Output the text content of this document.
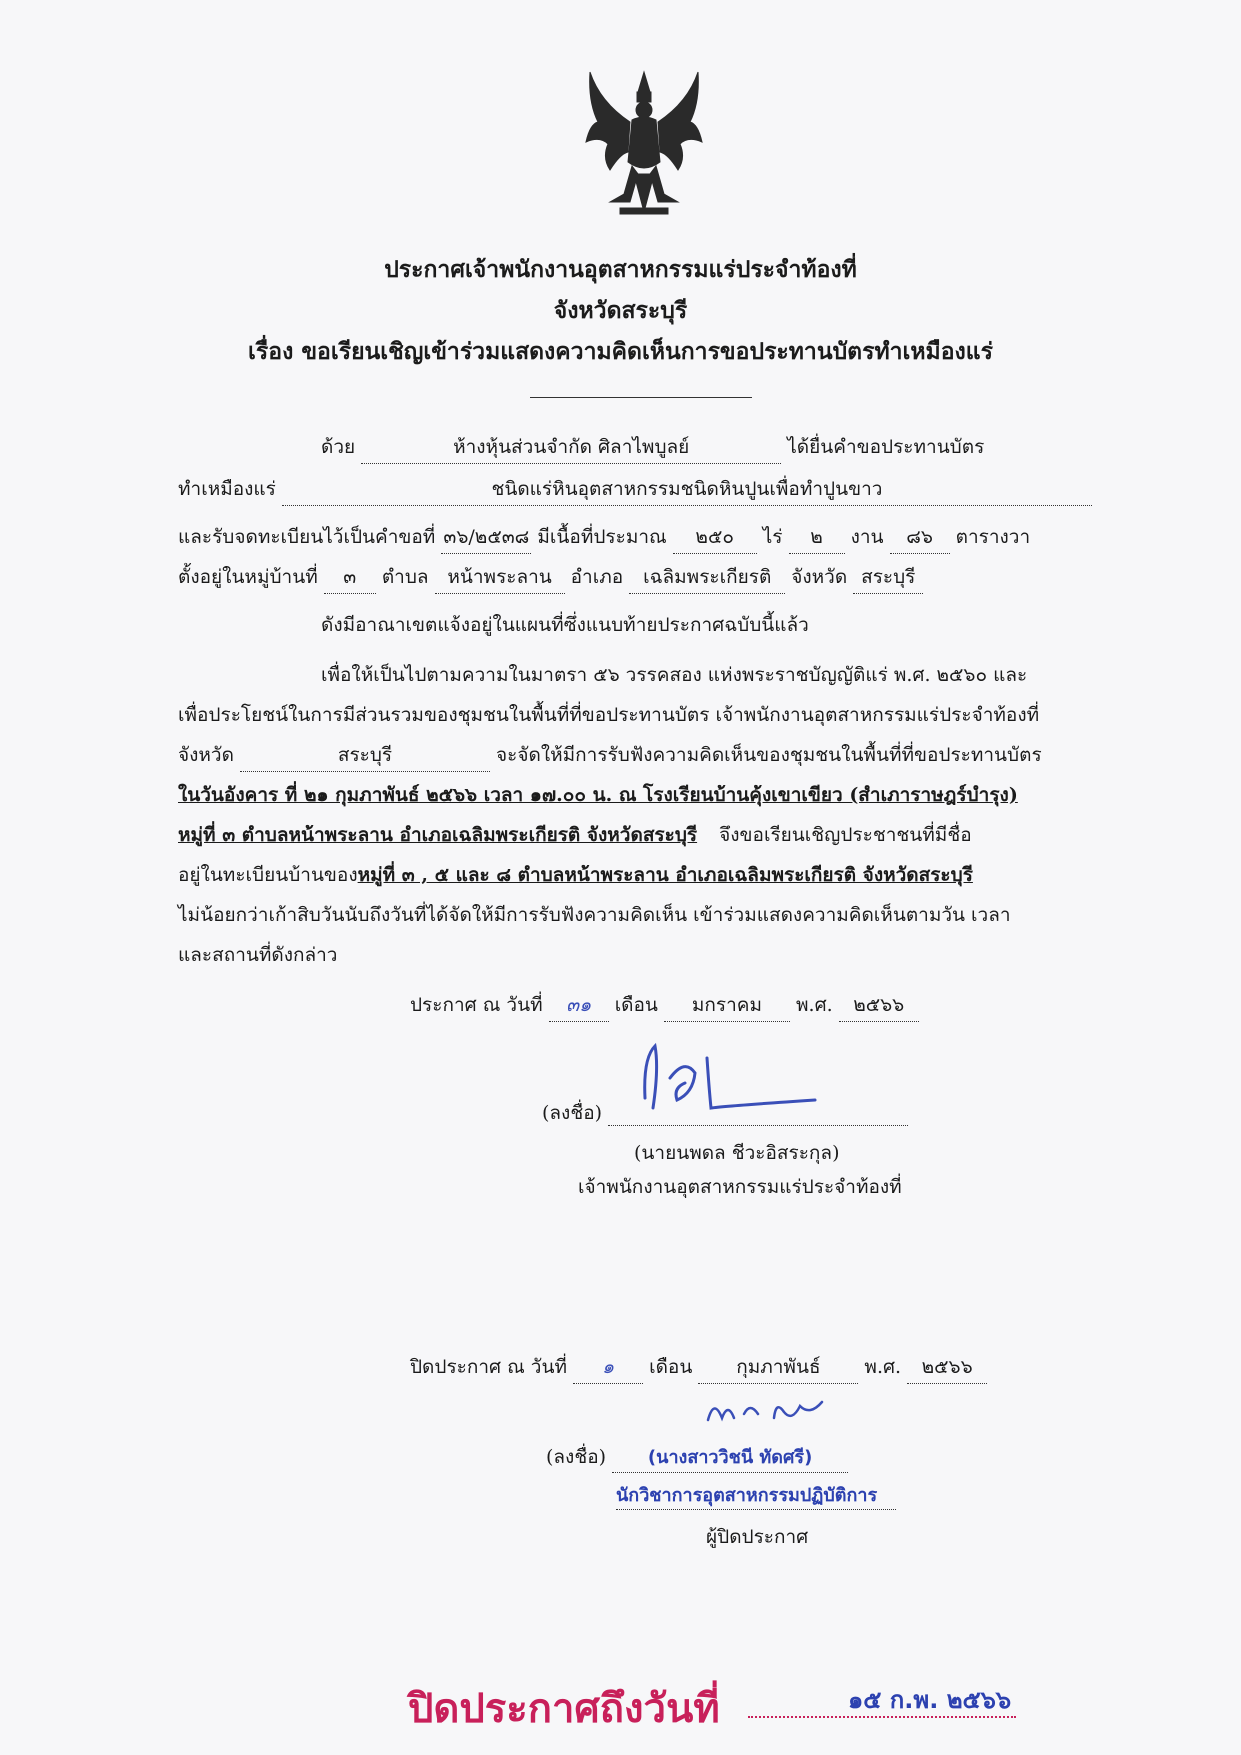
ประกาศเจ้าพนักงานอุตสาหกรรมแร่ประจำท้องที่
จังหวัดสระบุรี
เรื่อง ขอเรียนเชิญเข้าร่วมแสดงความคิดเห็นการขอประทานบัตรทำเหมืองแร่
ด้วย	ห้างหุ้นส่วนจำกัด ศิลาไพบูลย์	ได้ยื่นคำขอประทานบัตร
ทำเหมืองแร่	ชนิดแร่หินอุตสาหกรรมชนิดหินปูนเพื่อทำปูนขาว
และรับจดทะเบียนไว้เป็นคำขอที่ ๓๖/๒๕๓๘ มีเนื้อที่ประมาณ ๒๕๐ ไร่ ๒ งาน ๘๖ ตารางวา
ตั้งอยู่ในหมู่บ้านที่ ๓ ตำบล หน้าพระลาน อำเภอ เฉลิมพระเกียรติ จังหวัด สระบุรี
ดังมีอาณาเขตแจ้งอยู่ในแผนที่ซึ่งแนบท้ายประกาศฉบับนี้แล้ว
เพื่อให้เป็นไปตามความในมาตรา ๕๖ วรรคสอง แห่งพระราชบัญญัติแร่ พ.ศ. ๒๕๖๐ และ
เพื่อประโยชน์ในการมีส่วนรวมของชุมชนในพื้นที่ที่ขอประทานบัตร เจ้าพนักงานอุตสาหกรรมแร่ประจำท้องที่
จังหวัด	สระบุรี	จะจัดให้มีการรับฟังความคิดเห็นของชุมชนในพื้นที่ที่ขอประทานบัตร
ในวันอังคาร ที่ ๒๑ กุมภาพันธ์ ๒๕๖๖ เวลา ๑๗.๐๐ น. ณ โรงเรียนบ้านคุ้งเขาเขียว (สำเภาราษฎร์บำรุง)
หมู่ที่ ๓ ตำบลหน้าพระลาน อำเภอเฉลิมพระเกียรติ จังหวัดสระบุรี จึงขอเรียนเชิญประชาชนที่มีชื่อ
อยู่ในทะเบียนบ้านของหมู่ที่ ๓ , ๕ และ ๘ ตำบลหน้าพระลาน อำเภอเฉลิมพระเกียรติ จังหวัดสระบุรี
ไม่น้อยกว่าเก้าสิบวันนับถึงวันที่ได้จัดให้มีการรับฟังความคิดเห็น เข้าร่วมแสดงความคิดเห็นตามวัน เวลา
และสถานที่ดังกล่าว
ประกาศ ณ วันที่ ๓๑ เดือน มกราคม พ.ศ. ๒๕๖๖
(ลงชื่อ)
(นายนพดล ชีวะอิสระกุล)
เจ้าพนักงานอุตสาหกรรมแร่ประจำท้องที่
ปิดประกาศ ณ วันที่ ๑ เดือน กุมภาพันธ์ พ.ศ. ๒๕๖๖
(ลงชื่อ) (นางสาววิชนี ทัดศรี)
นักวิชาการอุตสาหกรรมปฏิบัติการ
ผู้ปิดประกาศ
ปิดประกาศถึงวันที่	๑๕ ก.พ. ๒๕๖๖
